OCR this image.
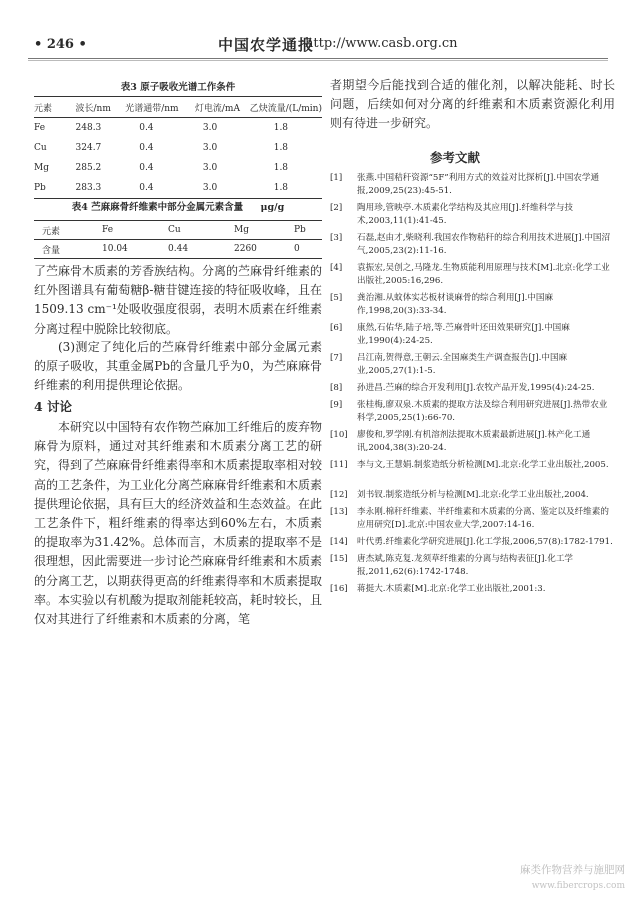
• 246 •	中国农学通报
http://www.casb.org.cn
表3 原子吸收光谱工作条件
元素	波长/nm	光谱通带/nm	灯电流/mA	乙炔流量/(L/min)
Fe	248.3	0.4	3.0	1.8
Cu	324.7	0.4	3.0	1.8
Mg	285.2	0.4	3.0	1.8
Pb	283.3	0.4	3.0	1.8
表4 苎麻麻骨纤维素中部分金属元素含量 μg/g
元素	Fe	Cu	Mg	Pb
含量	10.04	0.44	2260	0
了苎麻骨木质素的芳香族结构。分离的苎麻骨纤维素的红外图谱具有葡萄糖β-糖苷键连接的特征吸收峰，且在1509.13 cm⁻¹处吸收强度很弱，表明木质素在纤维素分离过程中脱除比较彻底。
(3)测定了纯化后的苎麻骨纤维素中部分金属元素的原子吸收，其重金属Pb的含量几乎为0，为苎麻麻骨纤维素的利用提供理论依据。
4 讨论
本研究以中国特有农作物苎麻加工纤维后的废弃物麻骨为原料，通过对其纤维素和木质素分离工艺的研究，得到了苎麻麻骨纤维素得率和木质素提取率相对较高的工艺条件，为工业化分离苎麻麻骨纤维素和木质素提供理论依据，具有巨大的经济效益和生态效益。在此工艺条件下，粗纤维素的得率达到60%左右，木质素的提取率为31.42%。总体而言，木质素的提取率不是很理想，因此需要进一步讨论苎麻麻骨纤维素和木质素的分离工艺，以期获得更高的纤维素得率和木质素提取率。本实验以有机酸为提取剂能耗较高，耗时较长，且仅对其进行了纤维素和木质素的分离，笔
者期望今后能找到合适的催化剂，以解决能耗、时长问题，后续如何对分离的纤维素和木质素资源化利用则有待进一步研究。
参考文献
[1] 张燕.中国秸秆资源“5F”利用方式的效益对比探析[J].中国农学通报,2009,25(23):45-51.
[2] 陶用珍,管映亭.木质素化学结构及其应用[J].纤维科学与技术,2003,11(1):41-45.
[3] 石磊,赵由才,柴晓利.我国农作物秸秆的综合利用技术进展[J].中国沼气,2005,23(2):11-16.
[4] 袁振宏,吴创之,马隆龙.生物质能利用原理与技术[M].北京:化学工业出版社,2005:16,296.
[5] 龚治湘.从蚊体实芯板材谈麻骨的综合利用[J].中国麻作,1998,20(3):33-34.
[6] 康然,石佑华,陆子培,等.苎麻骨叶还田效果研究[J].中国麻业,1990(4):24-25.
[7] 吕江南,贺得意,王朝云.全国麻类生产调查报告[J].中国麻业,2005,27(1):1-5.
[8] 孙进昌.苎麻的综合开发利用[J].农牧产品开发,1995(4):24-25.
[9] 张桂梅,廖双泉.木质素的提取方法及综合利用研究进展[J].热带农业科学,2005,25(1):66-70.
[10] 廖俊和,罗学刚.有机溶剂法提取木质素最新进展[J].林产化工通讯,2004,38(3):20-24.
[11] 李与文,王慧娟.制浆造纸分析检测[M].北京:化学工业出版社,2005.
[12] 刘书钗.制浆造纸分析与检测[M].北京:化学工业出版社,2004.
[13] 李永刚.棉秆纤维素、半纤维素和木质素的分离、鉴定以及纤维素的应用研究[D].北京:中国农业大学,2007:14-16.
[14] 叶代勇.纤维素化学研究进展[J].化工学报,2006,57(8):1782-1791.
[15] 唐杰斌,陈克复.龙须草纤维素的分离与结构表征[J].化工学报,2011,62(6):1742-1748.
[16] 蒋挺大.木质素[M].北京:化学工业出版社,2001:3.
麻类作物营养与施肥网
www.fibercrops.com
